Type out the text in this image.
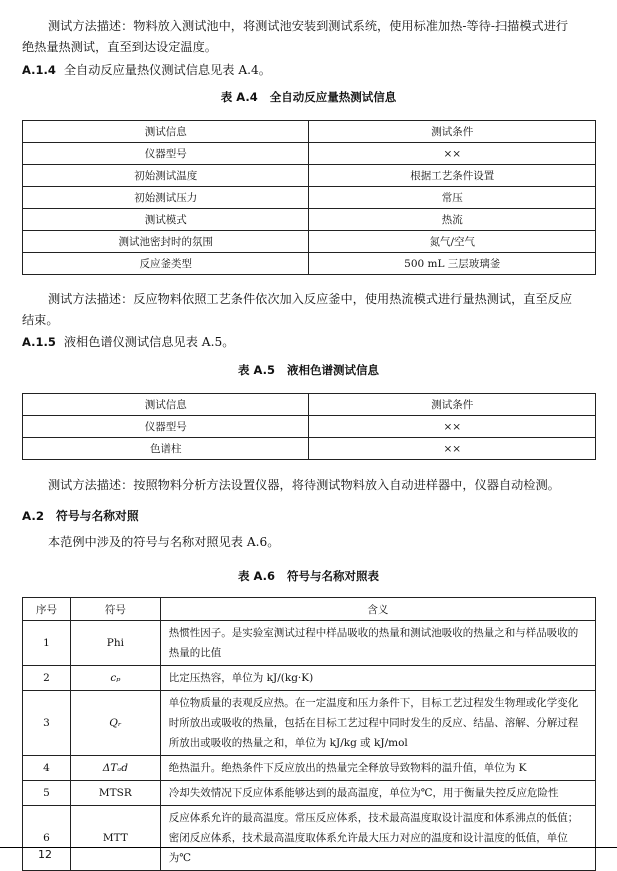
测试方法描述：物料放入测试池中，将测试池安装到测试系统，使用标准加热-等待-扫描模式进行
绝热量热测试，直至到达设定温度。
A.1.4 全自动反应量热仪测试信息见表 A.4。
表 A.4 全自动反应量热测试信息
测试信息	测试条件
仪器型号	××
初始测试温度	根据工艺条件设置
初始测试压力	常压
测试模式	热流
测试池密封时的氛围	氮气/空气
反应釜类型	500 mL 三层玻璃釜
测试方法描述：反应物料依照工艺条件依次加入反应釜中，使用热流模式进行量热测试，直至反应
结束。
A.1.5 液相色谱仪测试信息见表 A.5。
表 A.5 液相色谱测试信息
测试信息	测试条件
仪器型号	××
色谱柱	××
测试方法描述：按照物料分析方法设置仪器，将待测试物料放入自动进样器中，仪器自动检测。
A.2 符号与名称对照
本范例中涉及的符号与名称对照见表 A.6。
表 A.6 符号与名称对照表
序号	符号	含义
1	Phi	热惯性因子。是实验室测试过程中样品吸收的热量和测试池吸收的热量之和与样品吸收的热量的比值
2	cₚ	比定压热容，单位为 kJ/(kg·K)
3	Qᵣ	单位物质量的表观反应热。在一定温度和压力条件下，目标工艺过程发生物理或化学变化时所放出或吸收的热量，包括在目标工艺过程中同时发生的反应、结晶、溶解、分解过程所放出或吸收的热量之和，单位为 kJ/kg 或 kJ/mol
4	ΔTₐd	绝热温升。绝热条件下反应放出的热量完全释放导致物料的温升值，单位为 K
5	MTSR	冷却失效情况下反应体系能够达到的最高温度，单位为℃，用于衡量失控反应危险性
6	MTT	反应体系允许的最高温度。常压反应体系，技术最高温度取设计温度和体系沸点的低值；密闭反应体系，技术最高温度取体系允许最大压力对应的温度和设计温度的低值，单位为℃
12
